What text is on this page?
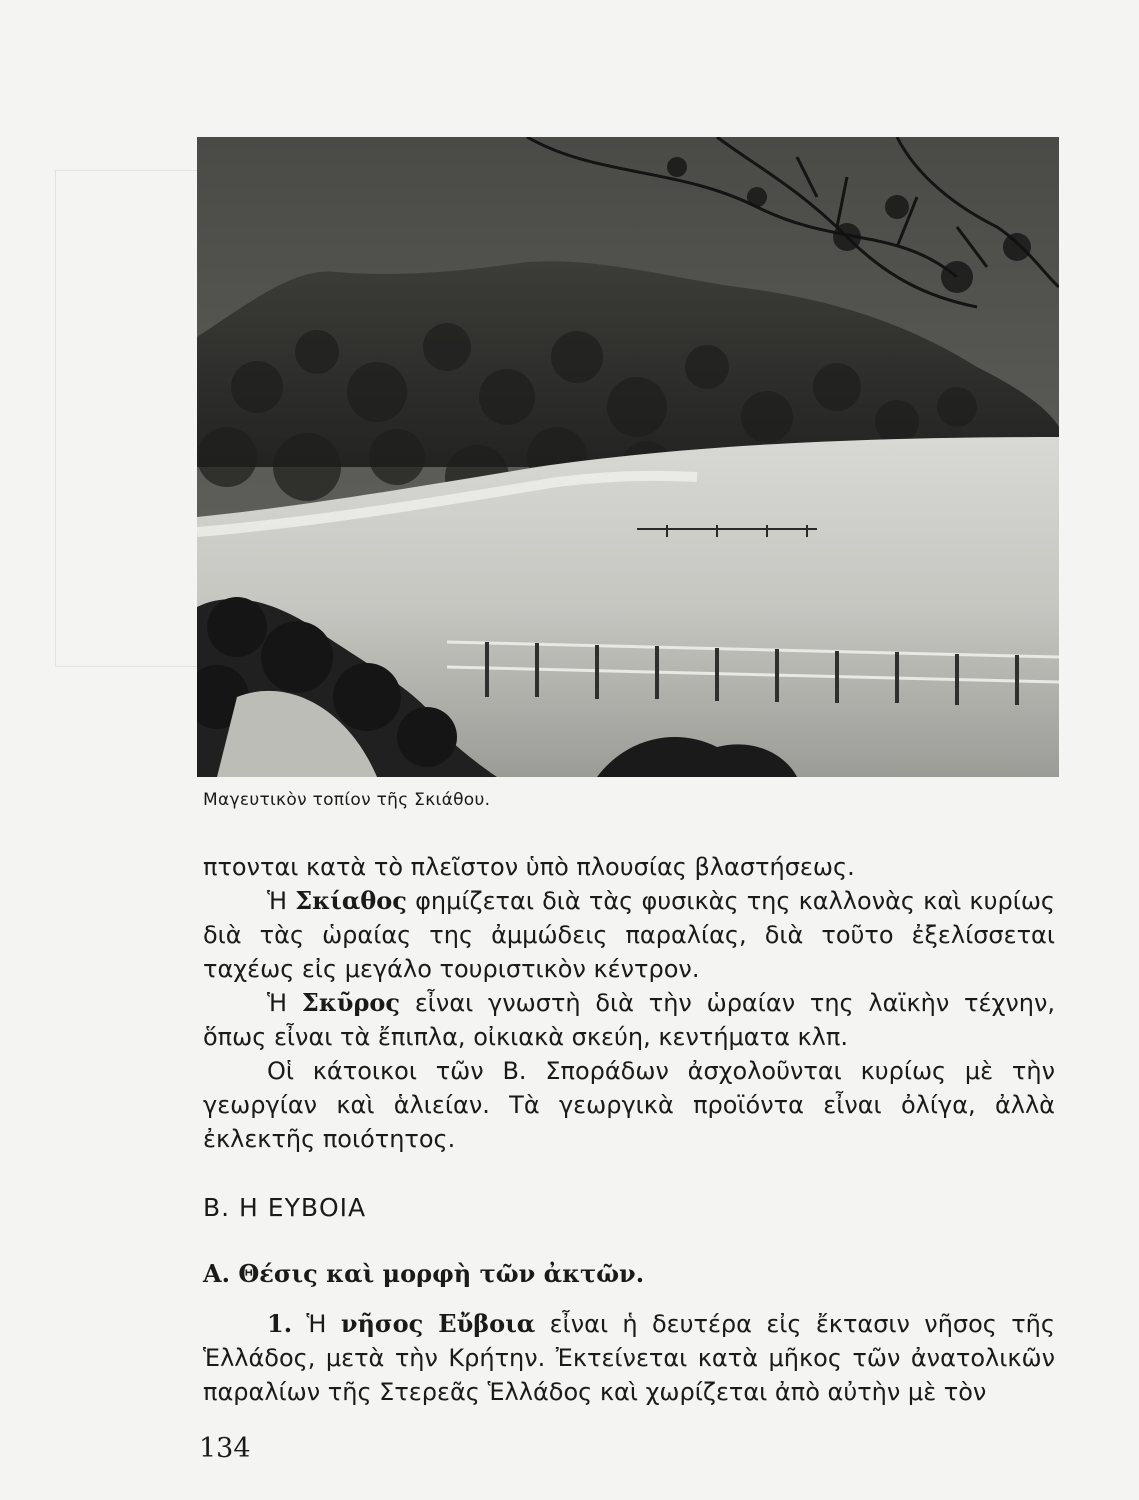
Μαγευτικὸν τοπίον τῆς Σκιάθου.
πτονται κατὰ τὸ πλεῖστον ὑπὸ πλουσίας βλαστήσεως.
Ἡ Σκίαθος φημίζεται διὰ τὰς φυσικὰς της καλλονὰς καὶ κυρίως διὰ τὰς ὡραίας της ἀμμώδεις παραλίας, διὰ τοῦτο ἐξελίσσεται ταχέως εἰς μεγάλο τουριστικὸν κέντρον.
Ἡ Σκῦρος εἶναι γνωστὴ διὰ τὴν ὡραίαν της λαϊκὴν τέχνην, ὅπως εἶναι τὰ ἔπιπλα, οἰκιακὰ σκεύη, κεντήματα κλπ.
Οἱ κάτοικοι τῶν Β. Σποράδων ἀσχολοῦνται κυρίως μὲ τὴν γεωργίαν καὶ ἁλιείαν. Τὰ γεωργικὰ προϊόντα εἶναι ὀλίγα, ἀλλὰ ἐκλεκτῆς ποιότητος.
Β. Η ΕΥΒΟΙΑ
Α. Θέσις καὶ μορφὴ τῶν ἀκτῶν.
1. Ἡ νῆσος Εὔβοια εἶναι ἡ δευτέρα εἰς ἔκτασιν νῆσος τῆς Ἑλλάδος, μετὰ τὴν Κρήτην. Ἐκτείνεται κατὰ μῆκος τῶν ἀνατολικῶν παραλίων τῆς Στερεᾶς Ἑλλάδος καὶ χωρίζεται ἀπὸ αὐτὴν μὲ τὸν
134
